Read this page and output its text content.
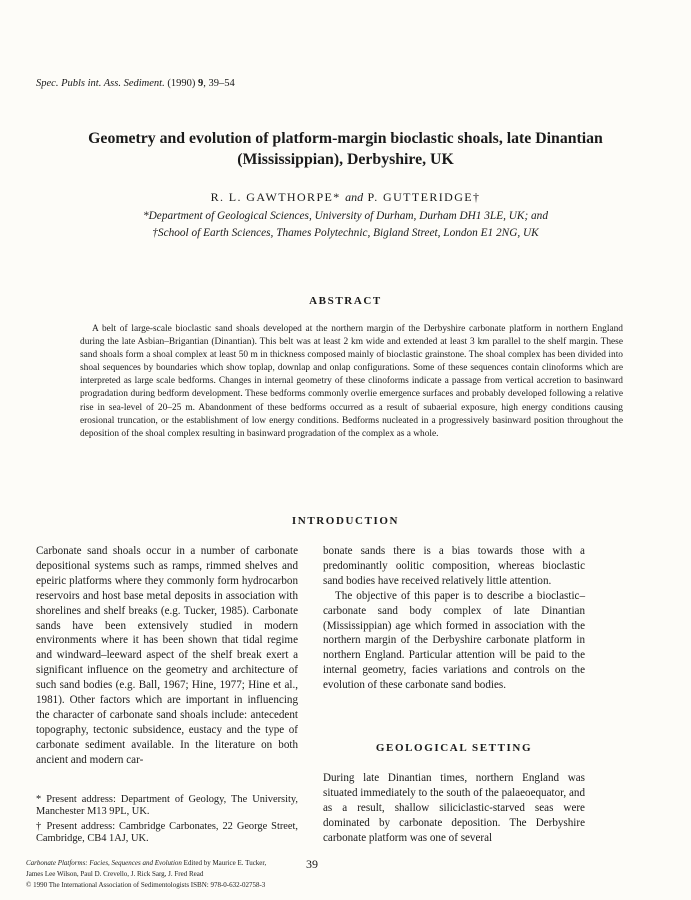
Spec. Publs int. Ass. Sediment. (1990) 9, 39–54
Geometry and evolution of platform-margin bioclastic shoals, late Dinantian (Mississippian), Derbyshire, UK
R. L. GAWTHORPE* and P. GUTTERIDGE†
*Department of Geological Sciences, University of Durham, Durham DH1 3LE, UK; and
†School of Earth Sciences, Thames Polytechnic, Bigland Street, London E1 2NG, UK
ABSTRACT

A belt of large-scale bioclastic sand shoals developed at the northern margin of the Derbyshire carbonate platform in northern England during the late Asbian–Brigantian (Dinantian). This belt was at least 2 km wide and extended at least 3 km parallel to the shelf margin. These sand shoals form a shoal complex at least 50 m in thickness composed mainly of bioclastic grainstone. The shoal complex has been divided into shoal sequences by boundaries which show toplap, downlap and onlap configurations. Some of these sequences contain clinoforms which are interpreted as large scale bedforms. Changes in internal geometry of these clinoforms indicate a passage from vertical accretion to basinward progradation during bedform development. These bedforms commonly overlie emergence surfaces and probably developed following a relative rise in sea-level of 20–25 m. Abandonment of these bedforms occurred as a result of subaerial exposure, high energy conditions causing erosional truncation, or the establishment of low energy conditions. Bedforms nucleated in a progressively basinward position throughout the deposition of the shoal complex resulting in basinward progradation of the complex as a whole.

INTRODUCTION

Carbonate sand shoals occur in a number of carbonate depositional systems such as ramps, rimmed shelves and epeiric platforms where they commonly form hydrocarbon reservoirs and host base metal deposits in association with shorelines and shelf breaks (e.g. Tucker, 1985). Carbonate sands have been extensively studied in modern environments where it has been shown that tidal regime and windward–leeward aspect of the shelf break exert a significant influence on the geometry and architecture of such sand bodies (e.g. Ball, 1967; Hine, 1977; Hine et al., 1981). Other factors which are important in influencing the character of carbonate sand shoals include: antecedent topography, tectonic subsidence, eustacy and the type of carbonate sediment available. In the literature on both ancient and modern car-

bonate sands there is a bias towards those with a predominantly oolitic composition, whereas bioclastic sand bodies have received relatively little attention.

The objective of this paper is to describe a bioclastic–carbonate sand body complex of late Dinantian (Mississippian) age which formed in association with the northern margin of the Derbyshire carbonate platform in northern England. Particular attention will be paid to the internal geometry, facies variations and controls on the evolution of these carbonate sand bodies.

GEOLOGICAL SETTING

During late Dinantian times, northern England was situated immediately to the south of the palaeoequator, and as a result, shallow siliciclastic-starved seas were dominated by carbonate deposition. The Derbyshire carbonate platform was one of several

* Present address: Department of Geology, The University, Manchester M13 9PL, UK.

† Present address: Cambridge Carbonates, 22 George Street, Cambridge, CB4 1AJ, UK.

Carbonate Platforms: Facies, Sequences and Evolution Edited by Maurice E. Tucker,
James Lee Wilson, Paul D. Crevello, J. Rick Sarg, J. Fred Read
© 1990 The International Association of Sedimentologists ISBN: 978-0-632-02758-3
39
